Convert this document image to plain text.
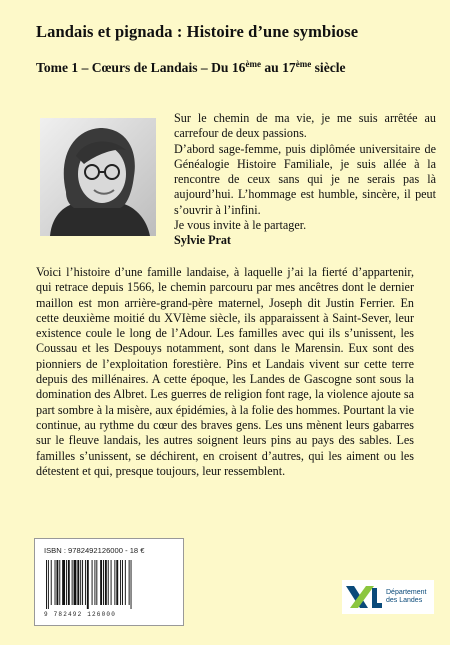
Landais et pignada : Histoire d’une symbiose
Tome 1 – Cœurs de Landais – Du 16ème au 17ème siècle

Sur le chemin de ma vie, je me suis arrêtée au carrefour de deux passions.

D’abord sage-femme, puis diplômée universitaire de Généalogie Histoire Familiale, je suis allée à la rencontre de ceux sans qui je ne serais pas là aujourd’hui. L’hommage est humble, sincère, il peut s’ouvrir à l’infini.

Je vous invite à le partager.

Sylvie Prat

Voici l’histoire d’une famille landaise, à laquelle j’ai la fierté d’appartenir, qui retrace depuis 1566, le chemin parcouru par mes ancêtres dont le dernier maillon est mon arrière-grand-père maternel, Joseph dit Justin Ferrier. En cette deuxième moitié du XVIème siècle, ils apparaissent à Saint-Sever, leur existence coule le long de l’Adour. Les familles avec qui ils s’unissent, les Coussau et les Despouys notamment, sont dans le Marensin. Eux sont des pionniers de l’exploitation forestière. Pins et Landais vivent sur cette terre depuis des millénaires. A cette époque, les Landes de Gascogne sont sous la domination des Albret. Les guerres de religion font rage, la violence ajoute sa part sombre à la misère, aux épidémies, à la folie des hommes. Pourtant la vie continue, au rythme du cœur des braves gens. Les uns mènent leurs gabarres sur le fleuve landais, les autres soignent leurs pins au pays des sables. Les familles s’unissent, se déchirent, en croisent d’autres, qui les aiment ou les détestent et qui, presque toujours, leur ressemblent.

ISBN : 9782492126000 - 18 €
9 782492 126000
Département
des Landes
